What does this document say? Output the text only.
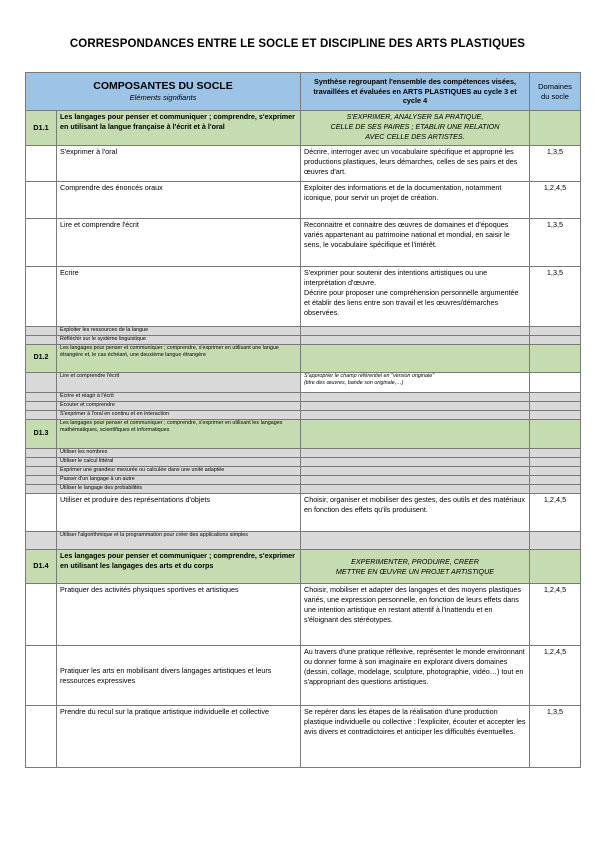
CORRESPONDANCES ENTRE LE SOCLE ET DISCIPLINE DES ARTS PLASTIQUES
COMPOSANTES DU SOCLE
Eléments signifiants		Synthèse regroupant l'ensemble des compétences visées, travaillées et évaluées en ARTS PLASTIQUES au cycle 3 et cycle 4	Domaines du socle

D1.1	Les langages pour penser et communiquer ; comprendre, s'exprimer en utilisant la langue française à l'écrit et à l'oral	S'EXPRIMER, ANALYSER SA PRATIQUE,
CELLE DE SES PAIRES ; ETABLIR UNE RELATION
AVEC CELLE DES ARTISTES.	

	S'exprimer à l'oral	Décrire, interroger avec un vocabulaire spécifique et approprié les productions plastiques, leurs démarches, celles de ses pairs et des œuvres d'art.	1,3,5
	Comprendre des énoncés oraux	Exploiter des informations et de la documentation, notamment iconique, pour servir un projet de création.	1,2,4,5
	Lire et comprendre l'écrit	Reconnaitre et connaitre des œuvres de domaines et d'époques variés appartenant au patrimoine national et mondial, en saisir le sens, le vocabulaire spécifique et l'intérêt.	1,3,5
	Ecrire	S'exprimer pour soutenir des intentions artistiques ou une interprétation d'œuvre.
Décrire pour proposer une compréhension personnelle argumentée et établir des liens entre son travail et les œuvres/démarches observées.	1,3,5
	Exploiter les ressources de la langue		
	Réfléchir sur le système linguistique		
D1.2	Les langages pour penser et communiquer ; comprendre, s'exprimer en utilisant une langue étrangère et, le cas échéant, une deuxième langue étrangère		
	Lire et comprendre l'écrit	S'approprier le champ référentiel en "version originale"
(titre des œuvres, bande son originale,…)	

	Ecrire et réagir à l'écrit		
	Ecouter et comprendre		
	S'exprimer à l'oral en continu et en interaction		
D1.3	Les langages pour penser et communiquer ; comprendre, s'exprimer en utilisant les langages mathématiques, scientifiques et informatiques		
	Utiliser les nombres		
	Utiliser le calcul littéral		
	Exprimer une grandeur mesurée ou calculée dans une unité adaptée		
	Passer d'un langage à un autre		
	Utiliser le langage des probabilités		
	Utiliser et produire des représentations d'objets	Choisir, organiser et mobiliser des gestes, des outils et des matériaux en fonction des effets qu'ils produisent.	1,2,4,5
	Utiliser l'algorithmique et la programmation pour créer des applications simples		
D1.4	Les langages pour penser et communiquer ; comprendre, s'exprimer en utilisant les langages des arts et du corps	EXPERIMENTER, PRODUIRE, CREER
METTRE EN ŒUVRE UN PROJET ARTISTIQUE	

	Pratiquer des activités physiques sportives et artistiques	Choisir, mobiliser et adapter des langages et des moyens plastiques variés, une expression personnelle, en fonction de leurs effets dans une intention artistique en restant attentif à l'inattendu et en s'éloignant des stéréotypes.	1,2,4,5
	Pratiquer les arts en mobilisant divers langages artistiques et leurs ressources expressives	Au travers d'une pratique réflexive, représenter le monde environnant ou donner forme à son imaginaire en explorant divers domaines (dessin, collage, modelage, sculpture, photographie, vidéo…) tout en s'appropriant des questions artistiques.	1,2,4,5
	Prendre du recul sur la pratique artistique individuelle et collective	Se repérer dans les étapes de la réalisation d'une production plastique individuelle ou collective : l'expliciter, écouter et accepter les avis divers et contradictoires et anticiper les difficultés éventuelles.	1,3,5
